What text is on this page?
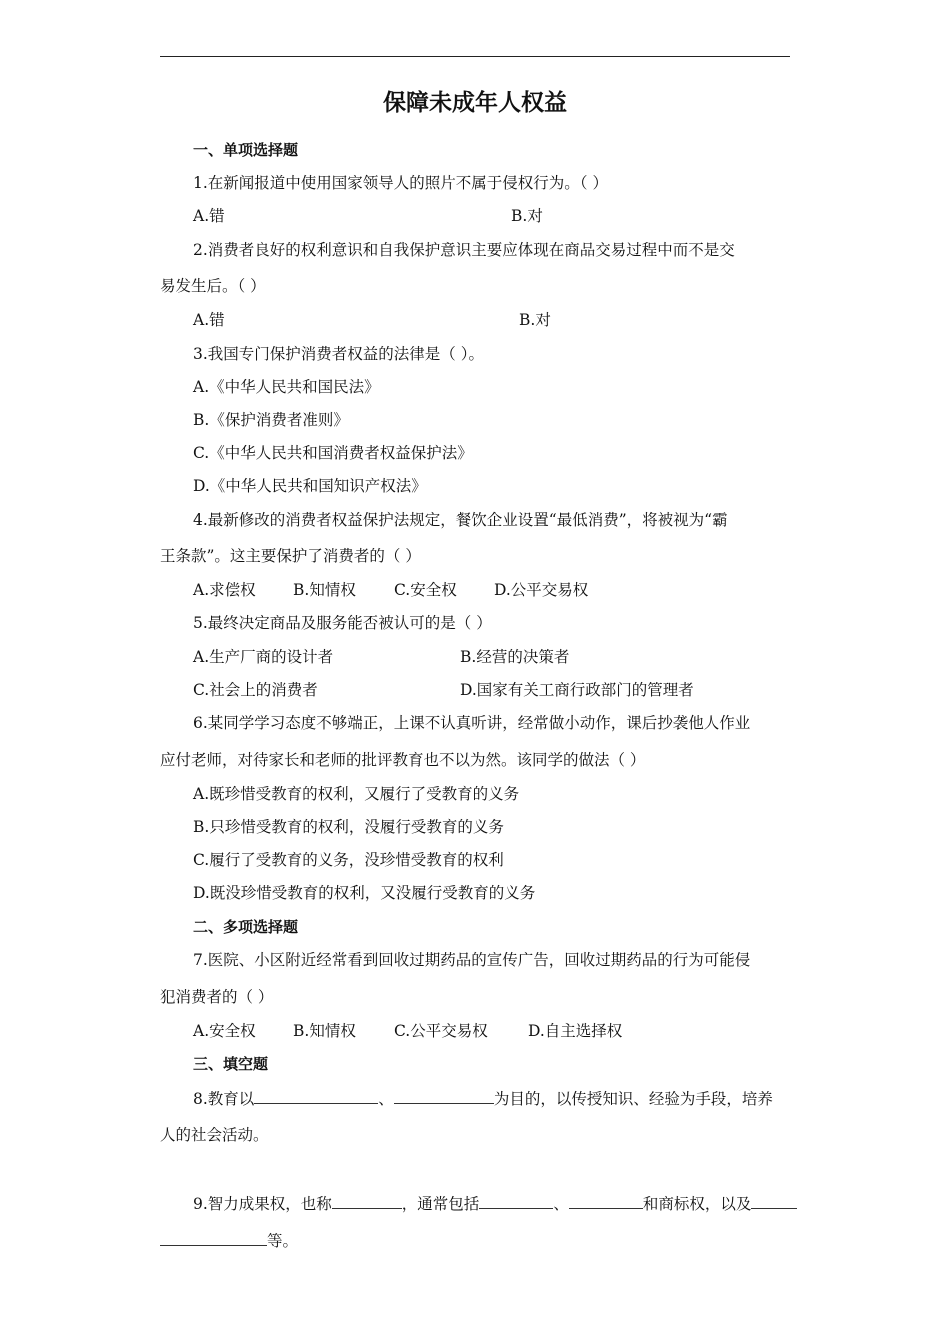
保障未成年人权益
一、单项选择题
1.在新闻报道中使用国家领导人的照片不属于侵权行为。（ ）
A.错	B.对
2.消费者良好的权利意识和自我保护意识主要应体现在商品交易过程中而不是交
易发生后。（ ）
A.错	B.对
3.我国专门保护消费者权益的法律是（ ）。
A.《中华人民共和国民法》
B.《保护消费者准则》
C.《中华人民共和国消费者权益保护法》
D.《中华人民共和国知识产权法》
4.最新修改的消费者权益保护法规定，餐饮企业设置“最低消费”，将被视为“霸
王条款”。这主要保护了消费者的（ ）
A.求偿权 B.知情权 C.安全权 D.公平交易权
5.最终决定商品及服务能否被认可的是（ ）
A.生产厂商的设计者	B.经营的决策者
C.社会上的消费者	D.国家有关工商行政部门的管理者
6.某同学学习态度不够端正，上课不认真听讲，经常做小动作，课后抄袭他人作业
应付老师，对待家长和老师的批评教育也不以为然。该同学的做法（ ）
A.既珍惜受教育的权利，又履行了受教育的义务
B.只珍惜受教育的权利，没履行受教育的义务
C.履行了受教育的义务，没珍惜受教育的权利
D.既没珍惜受教育的权利，又没履行受教育的义务
二、多项选择题
7.医院、小区附近经常看到回收过期药品的宣传广告，回收过期药品的行为可能侵
犯消费者的（ ）
A.安全权 B.知情权 C.公平交易权	D.自主选择权
三、填空题
8.教育以	、	为目的，以传授知识、经验为手段，培养
人的社会活动。
9.智力成果权，也称	，通常包括	、	和商标权，以及
等。
